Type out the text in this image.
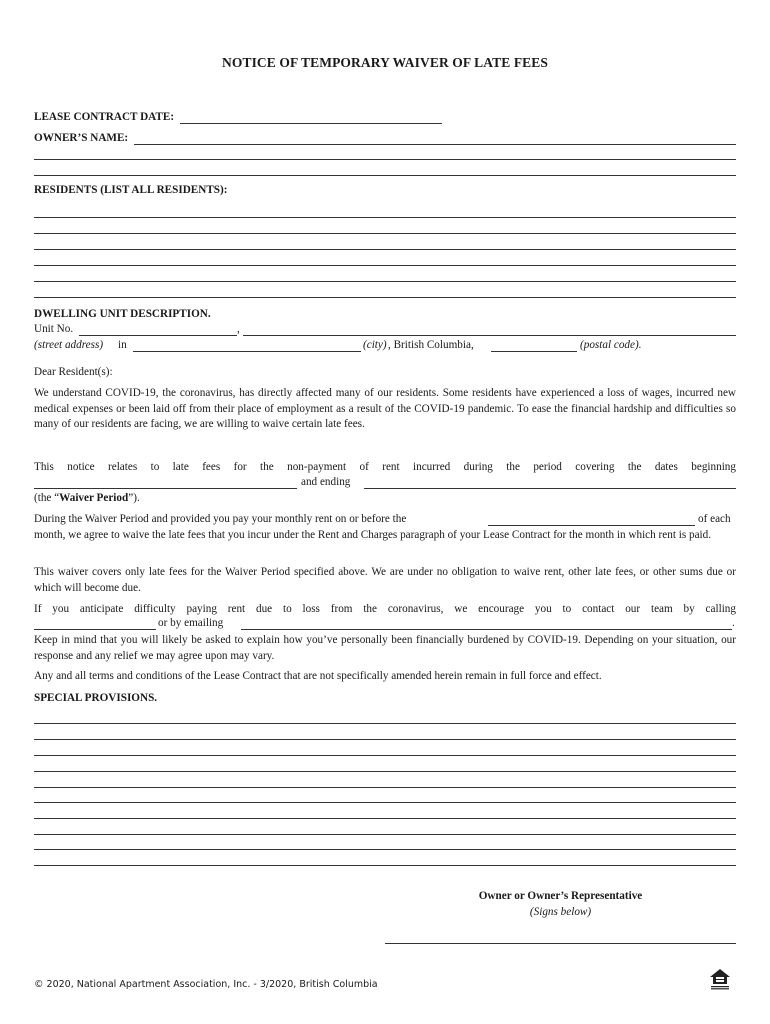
NOTICE OF TEMPORARY WAIVER OF LATE FEES
LEASE CONTRACT DATE:
OWNER’S NAME:
RESIDENTS (LIST ALL RESIDENTS):
DWELLING UNIT DESCRIPTION.
Unit No.	,
(street address) in	(city) , British Columbia,	(postal code).
Dear Resident(s):
We understand COVID-19, the coronavirus, has directly affected many of our residents. Some residents have experienced a loss of wages, incurred new medical expenses or been laid off from their place of employment as a result of the COVID-19 pandemic. To ease the financial hardship and difficulties so many of our residents are facing, we are willing to waive certain late fees.
This notice relates to late fees for the non-payment of rent incurred during the period covering the dates beginning
and ending
(the “Waiver Period”).
During the Waiver Period and provided you pay your monthly rent on or before the	of each
month, we agree to waive the late fees that you incur under the Rent and Charges paragraph of your Lease Contract for the month in which rent is paid.
This waiver covers only late fees for the Waiver Period specified above. We are under no obligation to waive rent, other late fees, or other sums due or which will become due.
If you anticipate difficulty paying rent due to loss from the coronavirus, we encourage you to contact our team by calling
or by emailing	.
Keep in mind that you will likely be asked to explain how you’ve personally been financially burdened by COVID-19. Depending on your situation, our response and any relief we may agree upon may vary.
Any and all terms and conditions of the Lease Contract that are not specifically amended herein remain in full force and effect.
SPECIAL PROVISIONS.
Owner or Owner’s Representative
(Signs below)
© 2020, National Apartment Association, Inc. - 3/2020, British Columbia
